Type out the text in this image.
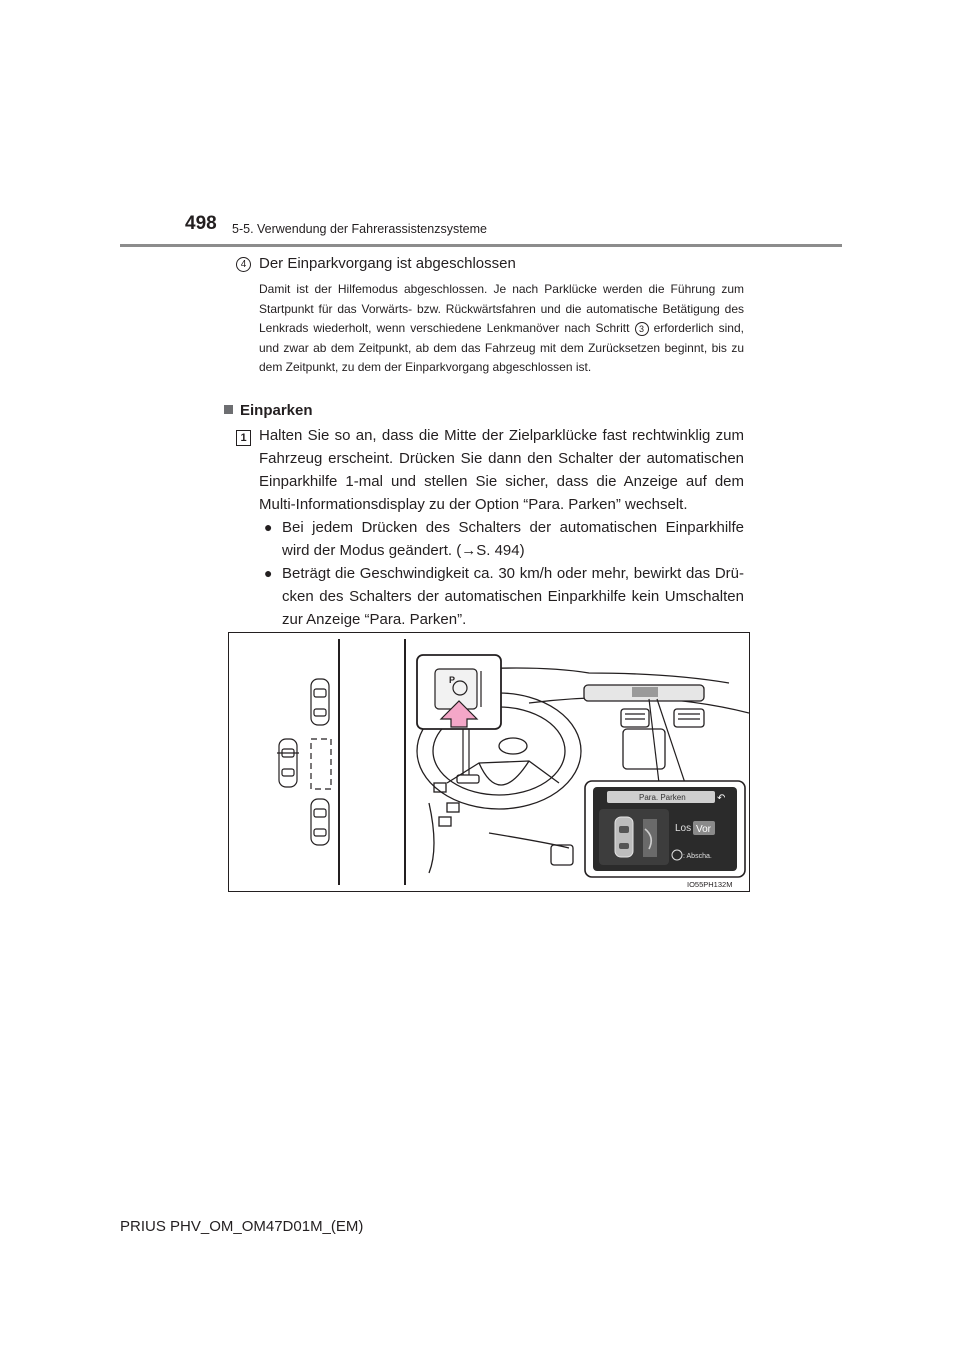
498 5-5. Verwendung der Fahrerassistenzsysteme
4 Der Einparkvorgang ist abgeschlossen
Damit ist der Hilfemodus abgeschlossen. Je nach Parklücke werden die Führung zum Startpunkt für das Vorwärts- bzw. Rückwärtsfahren und die automatische Betätigung des Lenkrads wiederholt, wenn verschiedene Lenkmanöver nach Schritt 3 erforderlich sind, und zwar ab dem Zeitpunkt, ab dem das Fahrzeug mit dem Zurücksetzen beginnt, bis zu dem Zeitpunkt, zu dem der Einparkvorgang abgeschlossen ist.
Einparken
1 Halten Sie so an, dass die Mitte der Zielparklücke fast rechtwinklig zum Fahrzeug erscheint. Drücken Sie dann den Schalter der automatischen Einparkhilfe 1-mal und stellen Sie sicher, dass die Anzeige auf dem Multi-Informationsdisplay zu der Option “Para. Parken” wechselt.
● Bei jedem Drücken des Schalters der automatischen Einparkhilfe wird der Modus geändert. (→S. 494)
● Beträgt die Geschwindigkeit ca. 30 km/h oder mehr, bewirkt das Drücken des Schalters der automatischen Einparkhilfe kein Umschalten zur Anzeige “Para. Parken”.
P
Para. Parken	↶
Los Vor
: Abscha.
IO55PH132M
PRIUS PHV_OM_OM47D01M_(EM)
